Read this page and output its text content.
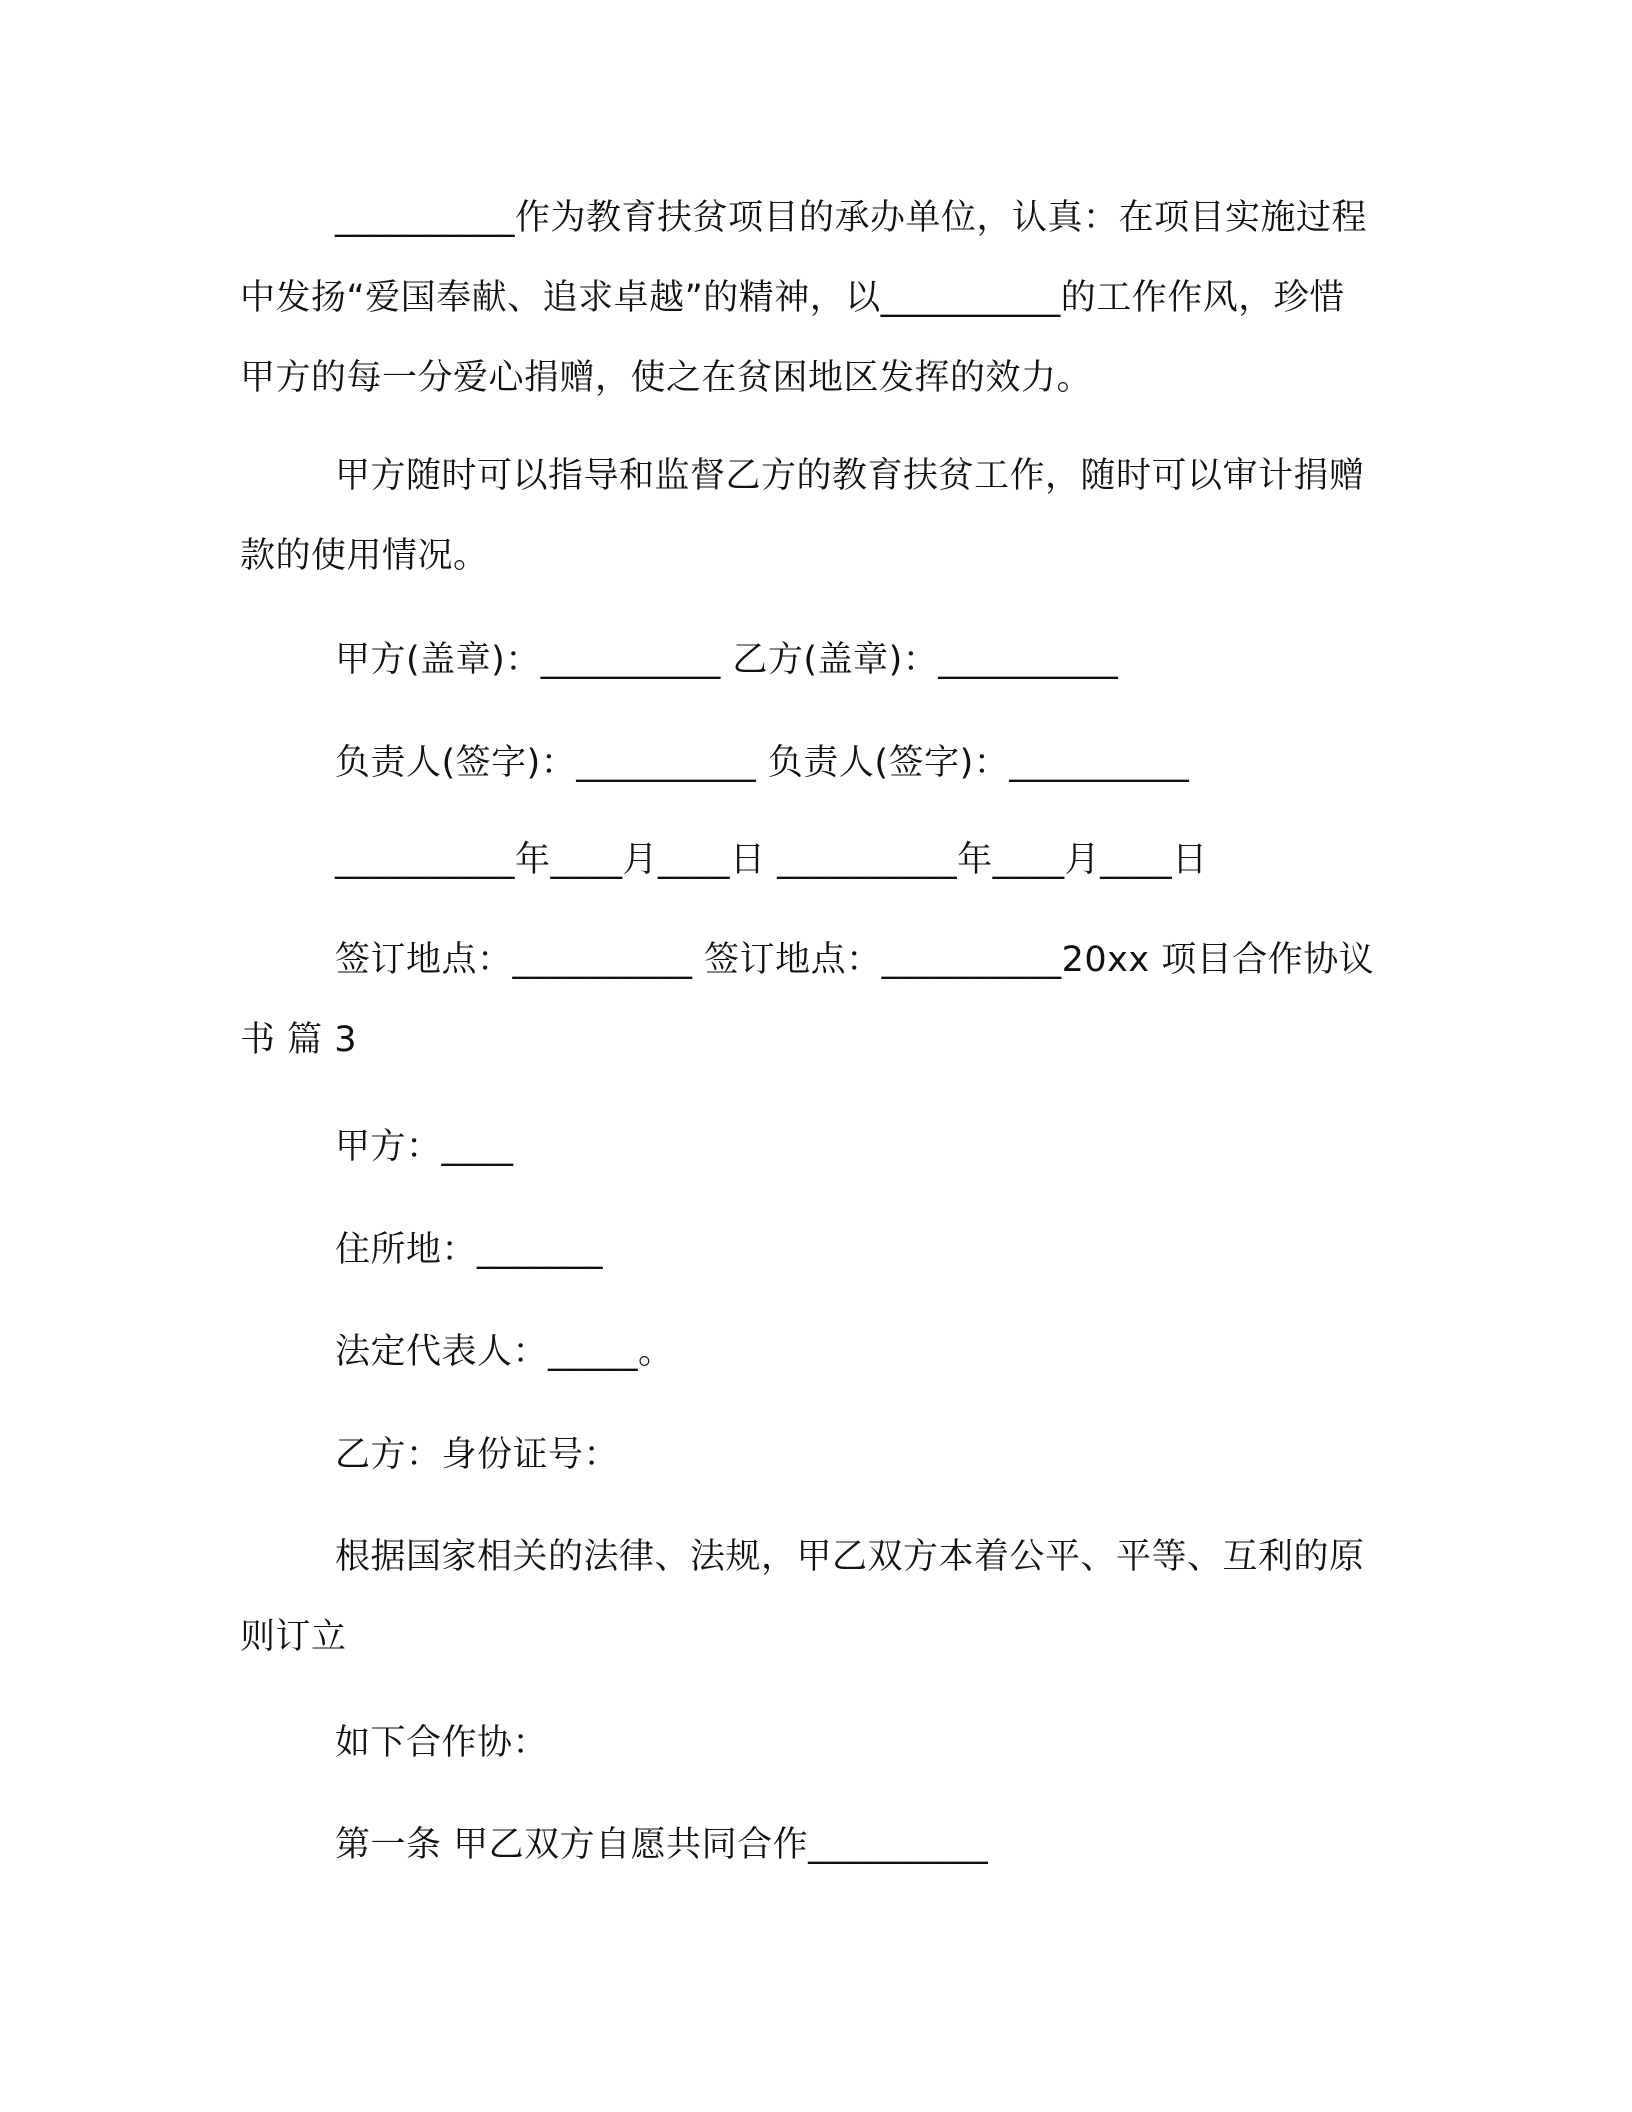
__________作为教育扶贫项目的承办单位，认真：在项目实施过程中发扬“爱国奉献、追求卓越”的精神，以__________的工作作风，珍惜甲方的每一分爱心捐赠，使之在贫困地区发挥的效力。

甲方随时可以指导和监督乙方的教育扶贫工作，随时可以审计捐赠款的使用情况。

甲方(盖章)：__________ 乙方(盖章)：__________

负责人(签字)：__________ 负责人(签字)：__________

__________年____月____日 __________年____月____日

签订地点：__________ 签订地点：__________20xx 项目合作协议书 篇 3

甲方：____

住所地：_______

法定代表人：_____。

乙方：身份证号：

根据国家相关的法律、法规，甲乙双方本着公平、平等、互利的原则订立

如下合作协：

第一条 甲乙双方自愿共同合作__________
